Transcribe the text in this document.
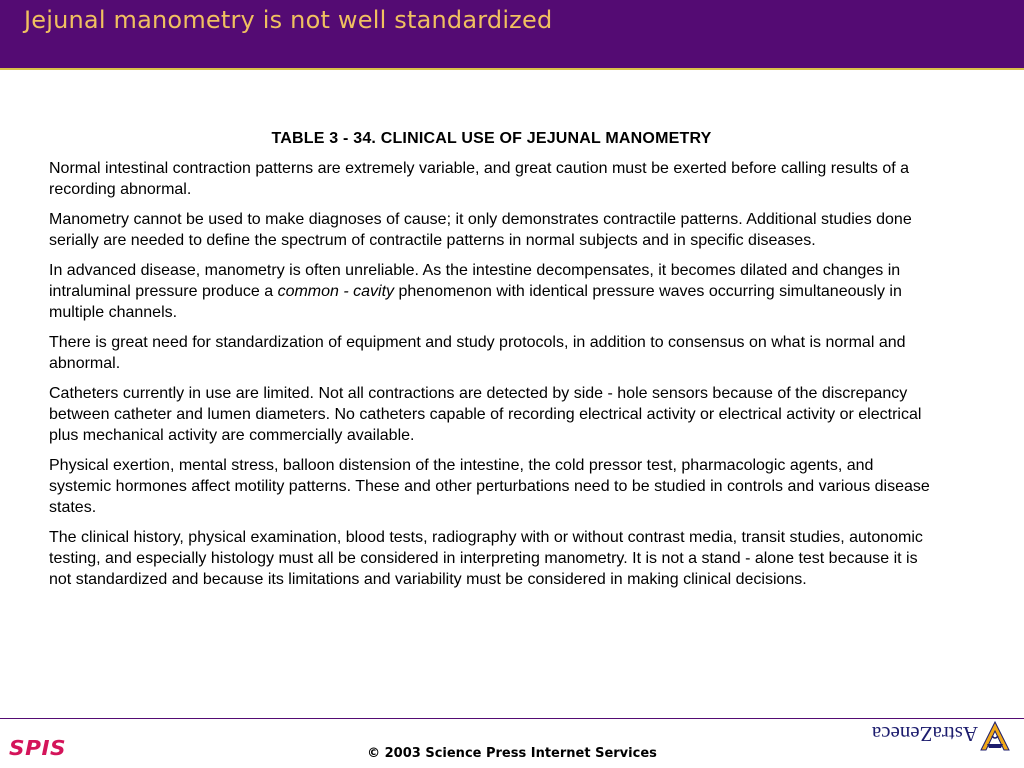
Jejunal manometry is not well standardized
TABLE 3 - 34. CLINICAL USE OF JEJUNAL MANOMETRY

Normal intestinal contraction patterns are extremely variable, and great caution must be exerted before calling results of a recording abnormal.

Manometry cannot be used to make diagnoses of cause; it only demonstrates contractile patterns. Additional studies done serially are needed to define the spectrum of contractile patterns in normal subjects and in specific diseases.

In advanced disease, manometry is often unreliable. As the intestine decompensates, it becomes dilated and changes in intraluminal pressure produce a common - cavity phenomenon with identical pressure waves occurring simultaneously in multiple channels.

There is great need for standardization of equipment and study protocols, in addition to consensus on what is normal and abnormal.

Catheters currently in use are limited. Not all contractions are detected by side - hole sensors because of the discrepancy between catheter and lumen diameters. No catheters capable of recording electrical activity or electrical activity or electrical plus mechanical activity are commercially available.

Physical exertion, mental stress, balloon distension of the intestine, the cold pressor test, pharmacologic agents, and systemic hormones affect motility patterns. These and other perturbations need to be studied in controls and various disease states.

The clinical history, physical examination, blood tests, radiography with or without contrast media, transit studies, autonomic testing, and especially histology must all be considered in interpreting manometry. It is not a stand - alone test because it is not standardized and because its limitations and variability must be considered in making clinical decisions.

SPIS	© 2003 Science Press Internet Services
AstraZeneca
